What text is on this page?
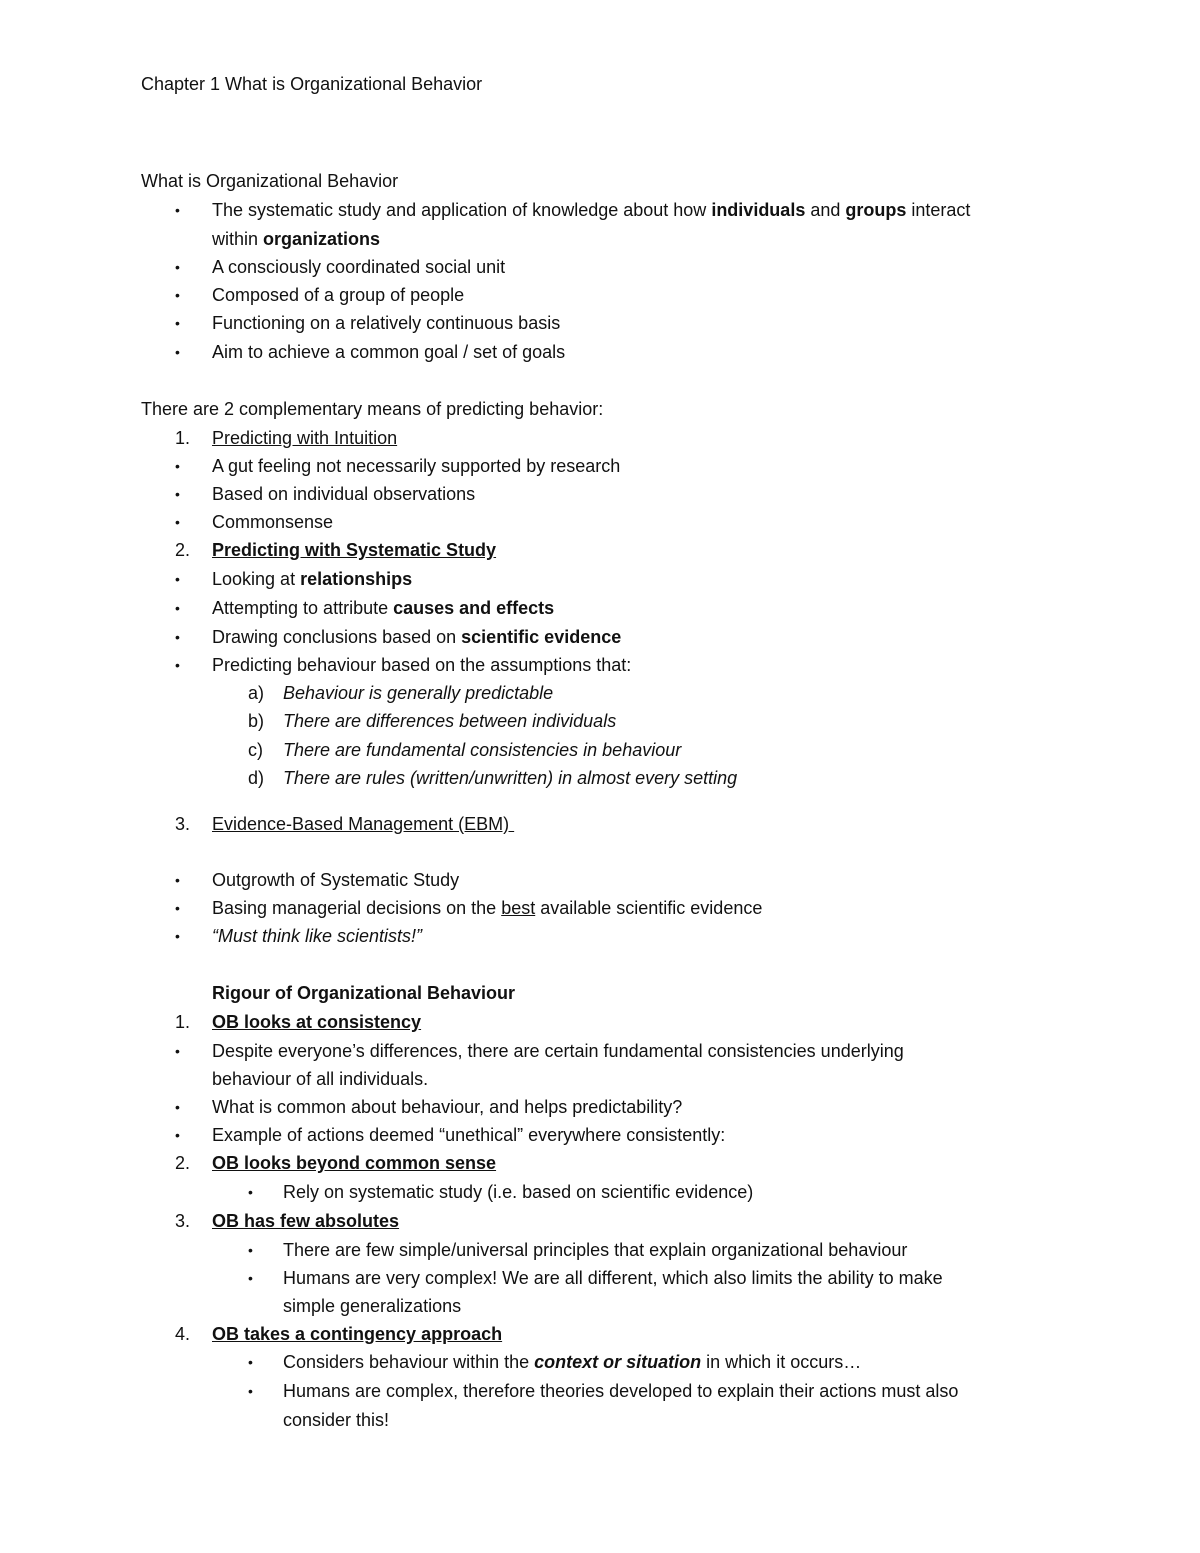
Chapter 1 What is Organizational Behavior
What is Organizational Behavior
• The systematic study and application of knowledge about how individuals and groups interact
within organizations
• A consciously coordinated social unit
• Composed of a group of people
• Functioning on a relatively continuous basis
• Aim to achieve a common goal / set of goals
There are 2 complementary means of predicting behavior:
1. Predicting with Intuition
• A gut feeling not necessarily supported by research
• Based on individual observations
• Commonsense
2. Predicting with Systematic Study
• Looking at relationships
• Attempting to attribute causes and effects
• Drawing conclusions based on scientific evidence
• Predicting behaviour based on the assumptions that:
a) Behaviour is generally predictable
b) There are differences between individuals
c) There are fundamental consistencies in behaviour
d) There are rules (written/unwritten) in almost every setting
3. Evidence-Based Management (EBM)
• Outgrowth of Systematic Study
• Basing managerial decisions on the best available scientific evidence
• “Must think like scientists!”
Rigour of Organizational Behaviour
1. OB looks at consistency
• Despite everyone’s differences, there are certain fundamental consistencies underlying
behaviour of all individuals.
• What is common about behaviour, and helps predictability?
• Example of actions deemed “unethical” everywhere consistently:
2. OB looks beyond common sense
• Rely on systematic study (i.e. based on scientific evidence)
3. OB has few absolutes
• There are few simple/universal principles that explain organizational behaviour
• Humans are very complex! We are all different, which also limits the ability to make
simple generalizations
4. OB takes a contingency approach
• Considers behaviour within the context or situation in which it occurs…
• Humans are complex, therefore theories developed to explain their actions must also
consider this!
